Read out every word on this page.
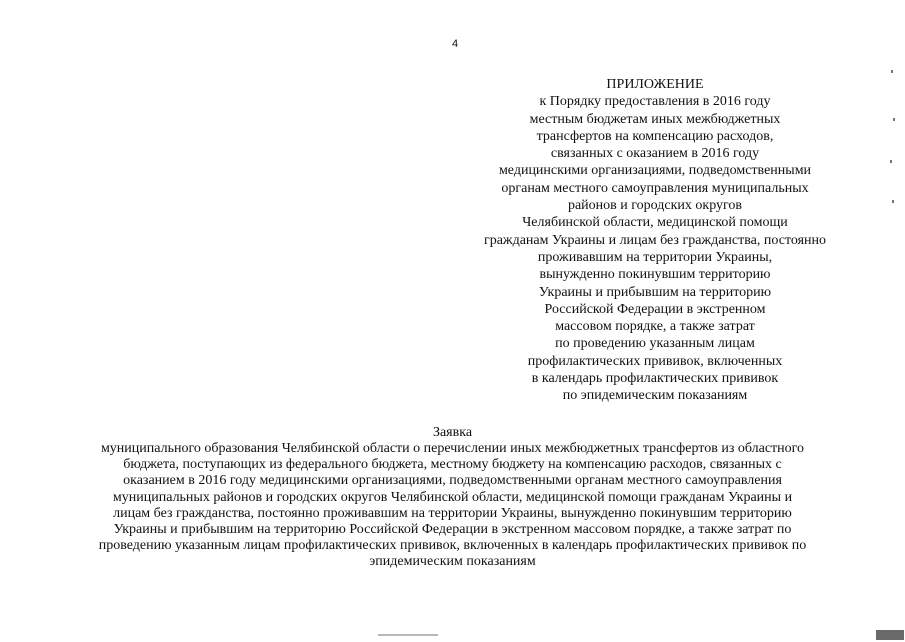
4
ПРИЛОЖЕНИЕ
к Порядку предоставления в 2016 году
местным бюджетам иных межбюджетных
трансфертов на компенсацию расходов,
связанных с оказанием в 2016 году
медицинскими организациями, подведомственными
органам местного самоуправления муниципальных
районов и городских округов
Челябинской области, медицинской помощи
гражданам Украины и лицам без гражданства, постоянно
проживавшим на территории Украины,
вынужденно покинувшим территорию
Украины и прибывшим на территорию
Российской Федерации в экстренном
массовом порядке, а также затрат
по проведению указанным лицам
профилактических прививок, включенных
в календарь профилактических прививок
по эпидемическим показаниям
Заявка
муниципального образования Челябинской области о перечислении иных межбюджетных трансфертов из областного
бюджета, поступающих из федерального бюджета, местному бюджету на компенсацию расходов, связанных с
оказанием в 2016 году медицинскими организациями, подведомственными органам местного самоуправления
муниципальных районов и городских округов Челябинской области, медицинской помощи гражданам Украины и
лицам без гражданства, постоянно проживавшим на территории Украины, вынужденно покинувшим территорию
Украины и прибывшим на территорию Российской Федерации в экстренном массовом порядке, а также затрат по
проведению указанным лицам профилактических прививок, включенных в календарь профилактических прививок по
эпидемическим показаниям
